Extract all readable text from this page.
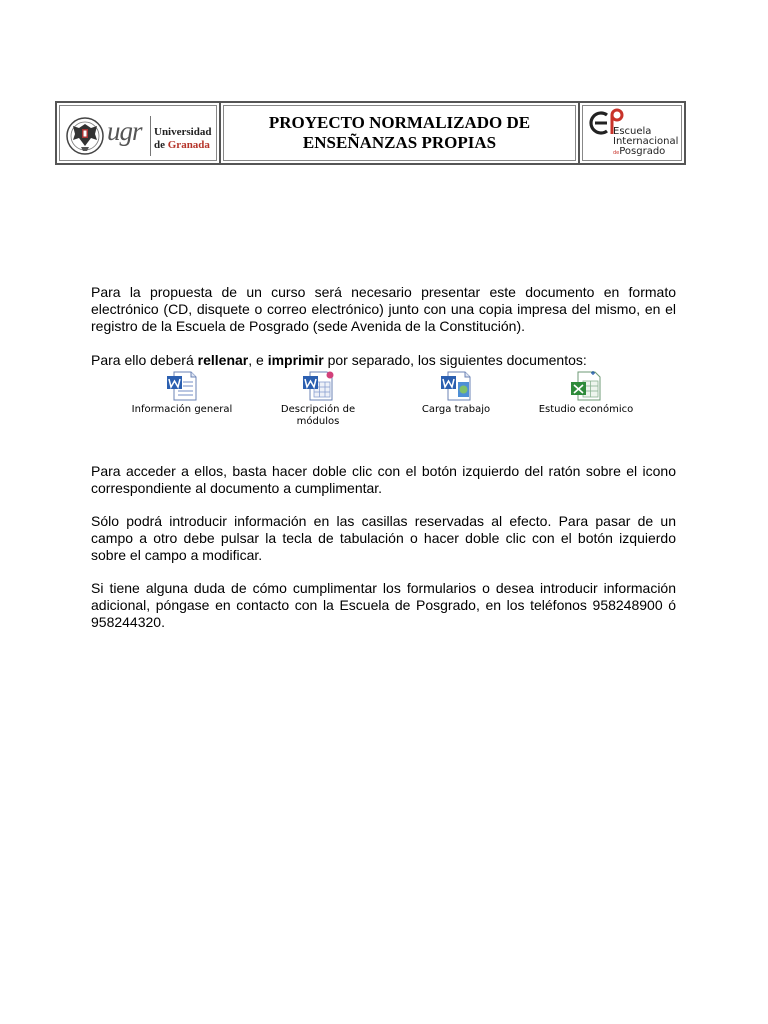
ugr Universidad
de Granada
PROYECTO NORMALIZADO DE
ENSEÑANZAS PROPIAS
Escuela
Internacional
dePosgrado

Para la propuesta de un curso será necesario presentar este documento en formato electrónico (CD, disquete o correo electrónico) junto con una copia impresa del mismo, en el registro de la Escuela de Posgrado (sede Avenida de la Constitución).

Para ello deberá rellenar, e imprimir por separado, los siguientes documentos:

Información general	Descripción de
módulos
Carga trabajo	Estudio económico

Para acceder a ellos, basta hacer doble clic con el botón izquierdo del ratón sobre el icono correspondiente al documento a cumplimentar.

Sólo podrá introducir información en las casillas reservadas al efecto. Para pasar de un campo a otro debe pulsar la tecla de tabulación o hacer doble clic con el botón izquierdo sobre el campo a modificar.

Si tiene alguna duda de cómo cumplimentar los formularios o desea introducir información adicional, póngase en contacto con la Escuela de Posgrado, en los teléfonos 958248900 ó 958244320.
